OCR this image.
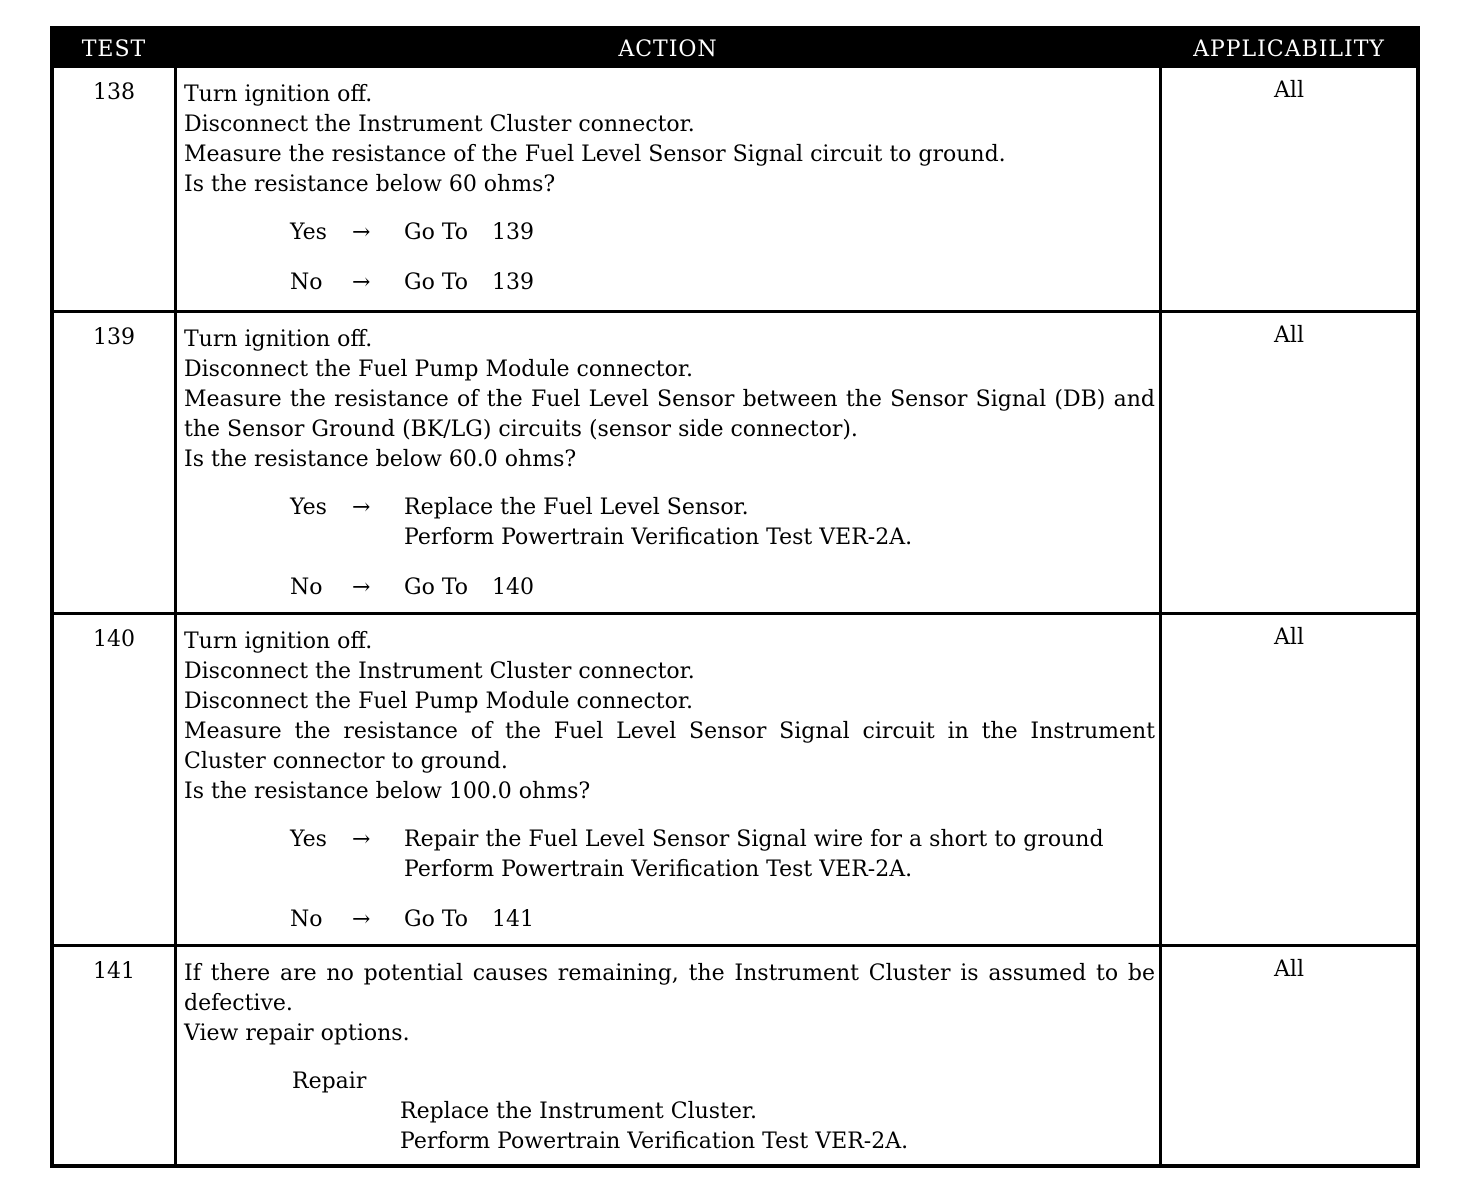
TEST	ACTION	APPLICABILITY
138	Turn ignition off.
Disconnect the Instrument Cluster connector.
Measure the resistance of the Fuel Level Sensor Signal circuit to ground.
Is the resistance below 60 ohms?
Yes	→	Go To 139
No	→	Go To 139
All
139	Turn ignition off.
Disconnect the Fuel Pump Module connector.
Measure the resistance of the Fuel Level Sensor between the Sensor Signal (DB) and
the Sensor Ground (BK/LG) circuits (sensor side connector).
Is the resistance below 60.0 ohms?
Yes	→	Replace the Fuel Level Sensor.
Perform Powertrain Verification Test VER-2A.
No	→	Go To 140
All
140	Turn ignition off.
Disconnect the Instrument Cluster connector.
Disconnect the Fuel Pump Module connector.
Measure the resistance of the Fuel Level Sensor Signal circuit in the Instrument
Cluster connector to ground.
Is the resistance below 100.0 ohms?
Yes	→	Repair the Fuel Level Sensor Signal wire for a short to ground
Perform Powertrain Verification Test VER-2A.
No	→	Go To 141
All
141	If there are no potential causes remaining, the Instrument Cluster is assumed to be
defective.
View repair options.
Repair
Replace the Instrument Cluster.
Perform Powertrain Verification Test VER-2A.
All
